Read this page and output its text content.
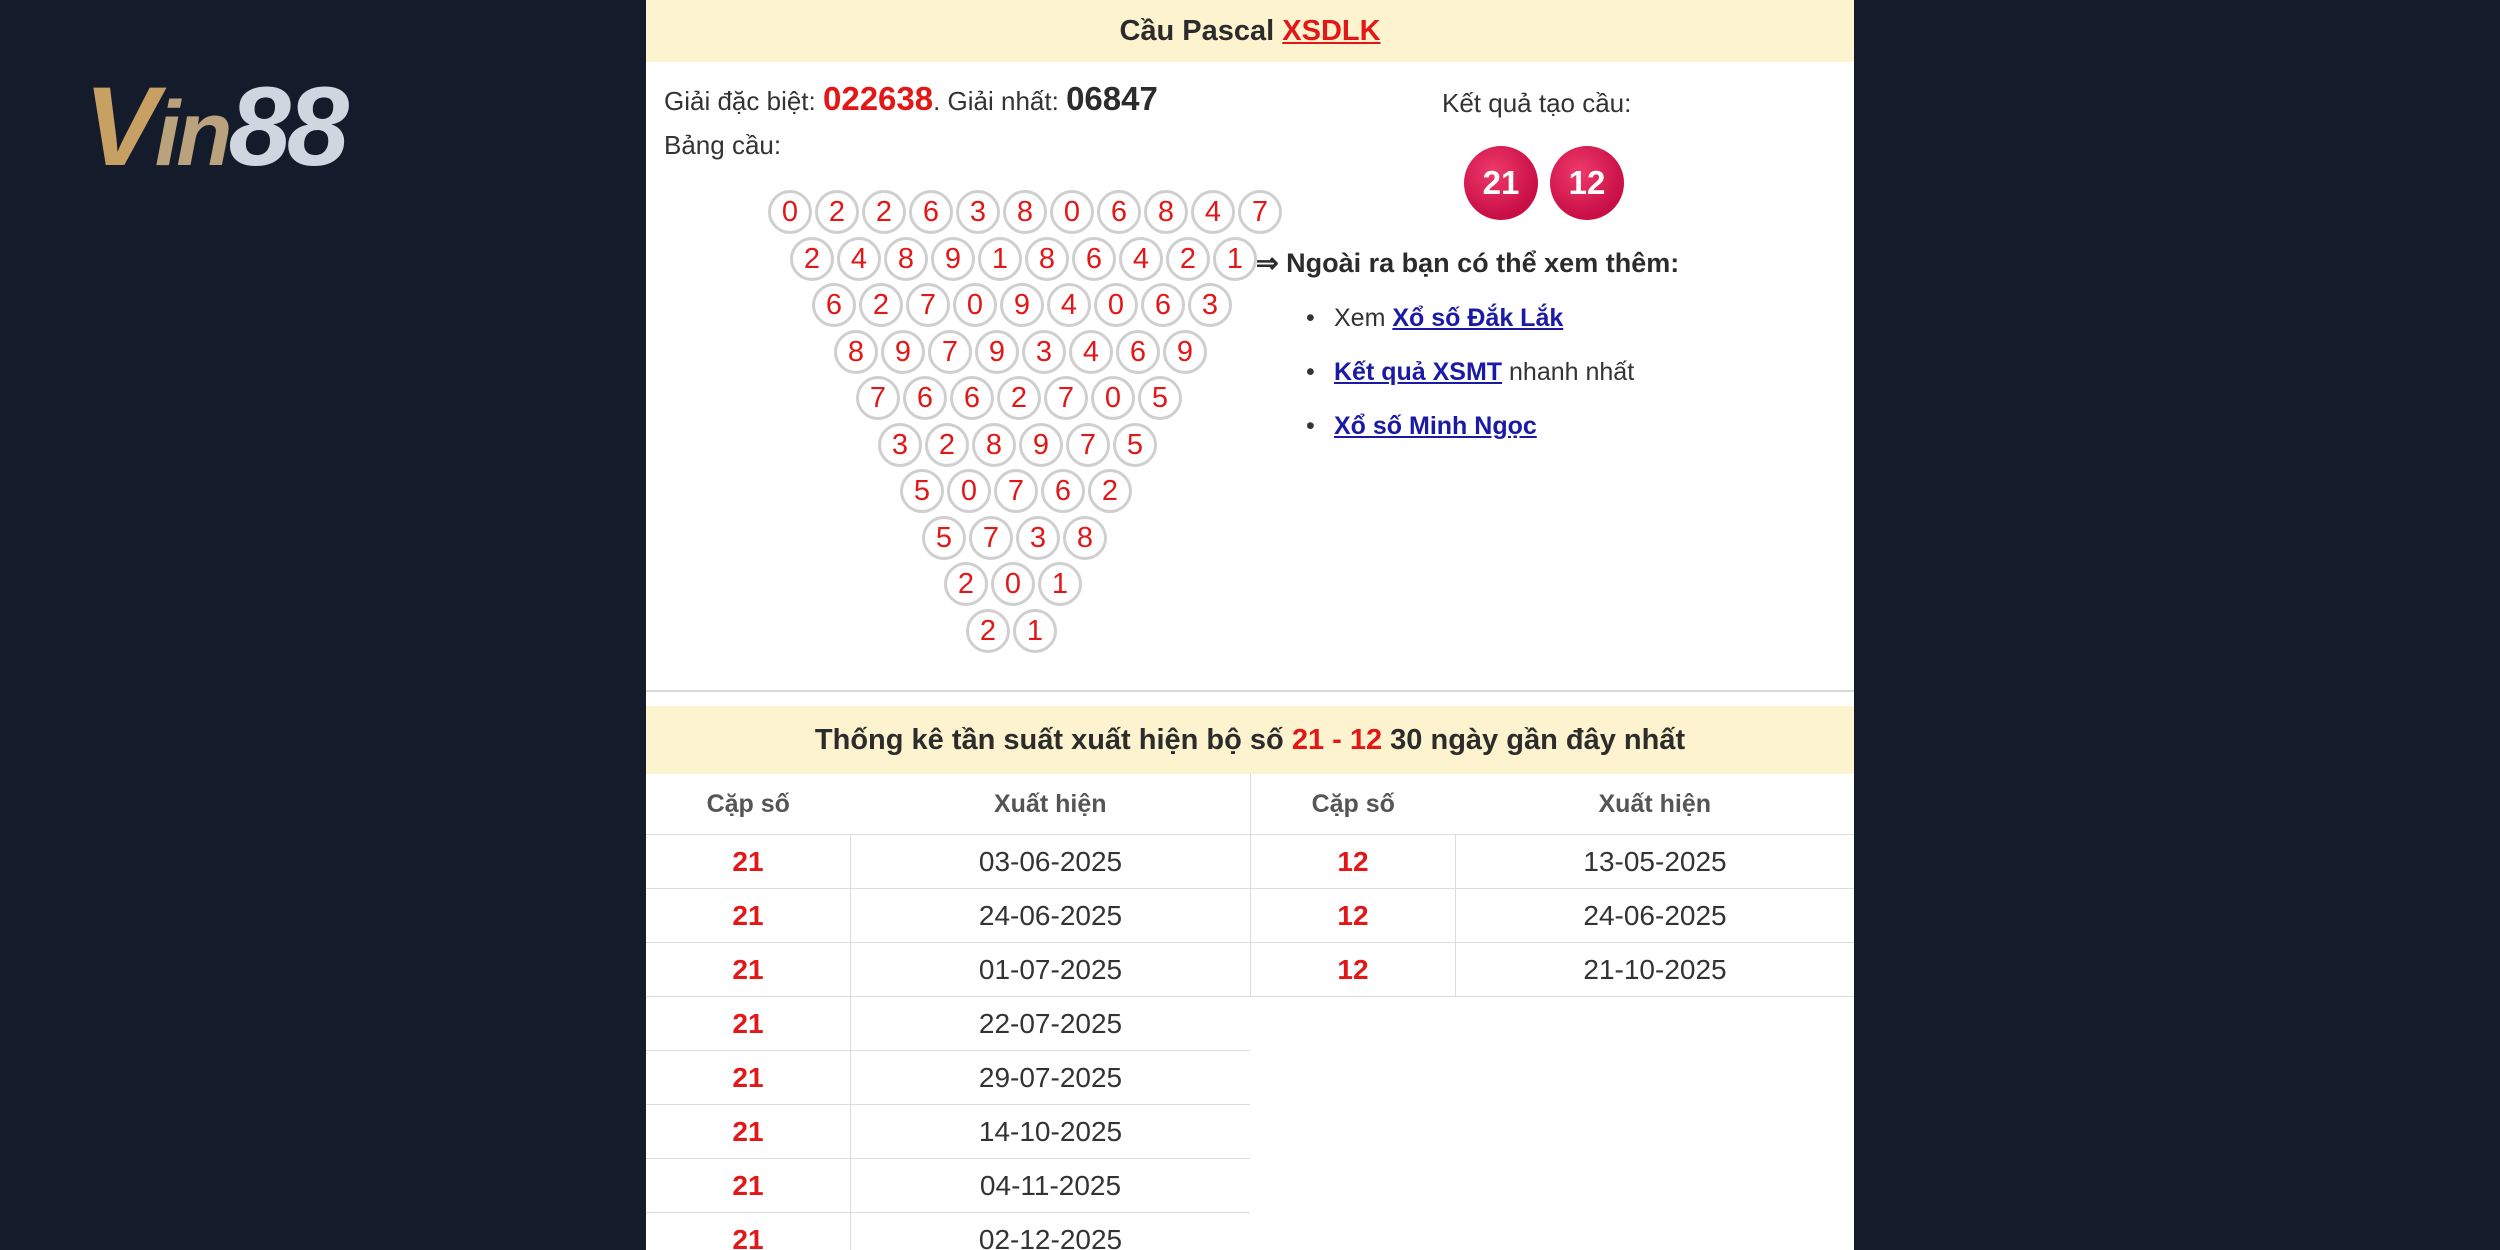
Vin88
Cầu Pascal XSDLK
Giải đặc biệt: 022638. Giải nhất: 06847
Bảng cầu:
0	2	2	6	3	8	0	6	8	4	7
2	4	8	9	1	8	6	4	2	1
6	2	7	0	9	4	0	6	3
8	9	7	9	3	4	6	9
7	6	6	2	7	0	5
3	2	8	9	7	5
5	0	7	6	2
5	7	3	8
2	0	1
2	1
Kết quả tạo cầu:
21	12
⇒ Ngoài ra bạn có thể xem thêm:
• Xem Xổ số Đắk Lắk
• Kết quả XSMT nhanh nhất
• Xổ số Minh Ngọc
Thống kê tần suất xuất hiện bộ số 21 - 12 30 ngày gần đây nhất
Cặp số	Xuất hiện
21	03-06-2025
21	24-06-2025
21	01-07-2025
21	22-07-2025
21	29-07-2025
21	14-10-2025
21	04-11-2025
21	02-12-2025
Cặp số	Xuất hiện
12	13-05-2025
12	24-06-2025
12	21-10-2025
